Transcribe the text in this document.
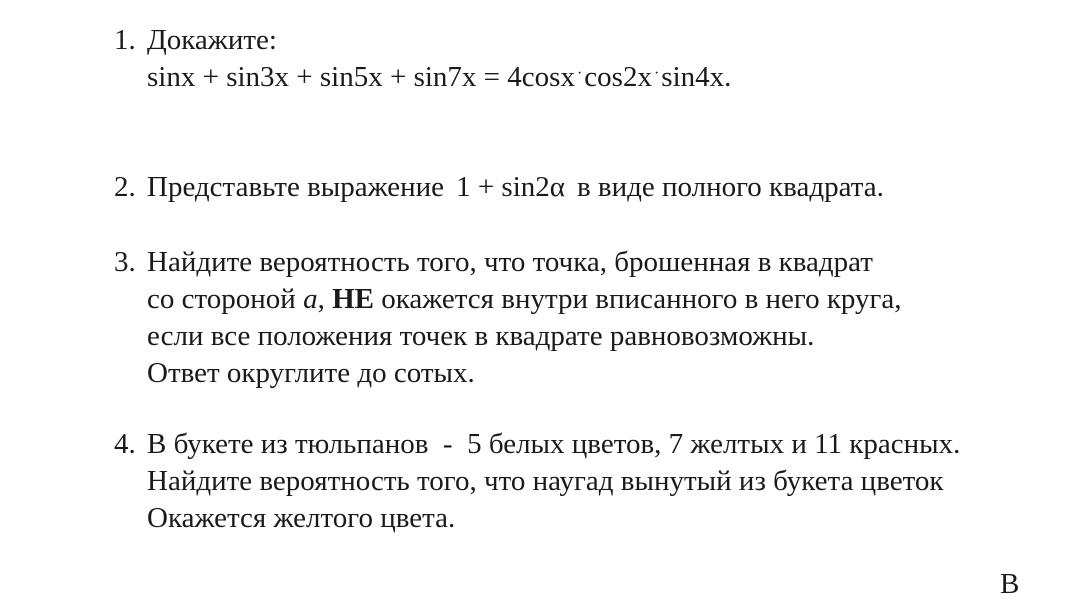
1. Докажите:
sinx + sin3x + sin5x + sin7x = 4cosx ·cos2x ·sin4x.
2. Представьте выражение 1 + sin2α в виде полного квадрата.
3. Найдите вероятность того, что точка, брошенная в квадрат
со стороной a, НЕ окажется внутри вписанного в него круга,
если все положения точек в квадрате равновозможны.
Ответ округлите до сотых.
4. В букете из тюльпанов  -  5 белых цветов, 7 желтых и 11 красных.
Найдите вероятность того, что наугад вынутый из букета цветок
Окажется желтого цвета.
В
